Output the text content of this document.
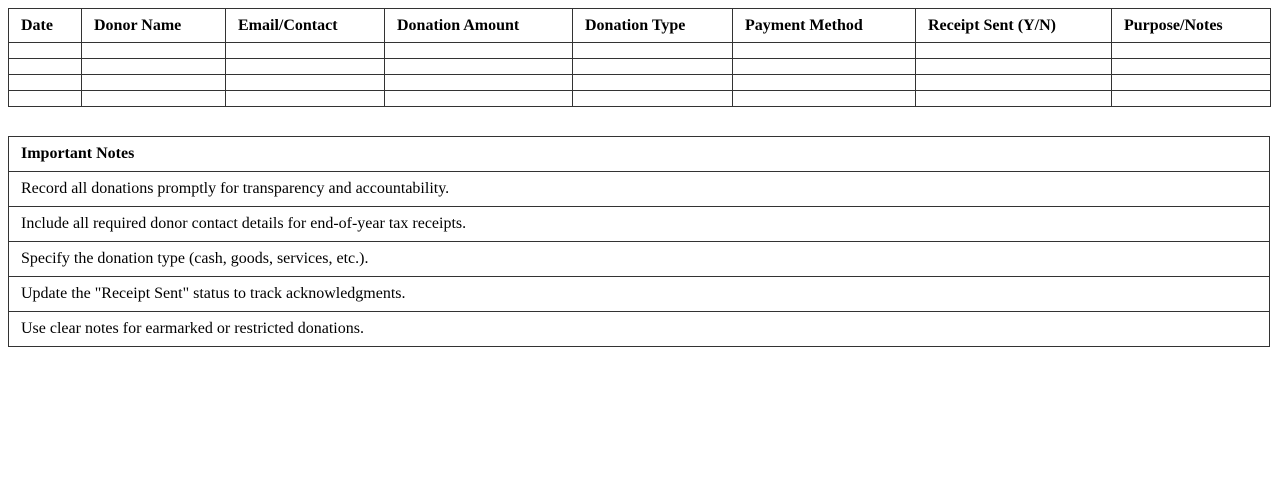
Date	Donor Name	Email/Contact	Donation Amount	Donation Type	Payment Method	Receipt Sent (Y/N)	Purpose/Notes

Important Notes
Record all donations promptly for transparency and accountability.
Include all required donor contact details for end-of-year tax receipts.
Specify the donation type (cash, goods, services, etc.).
Update the "Receipt Sent" status to track acknowledgments.
Use clear notes for earmarked or restricted donations.
